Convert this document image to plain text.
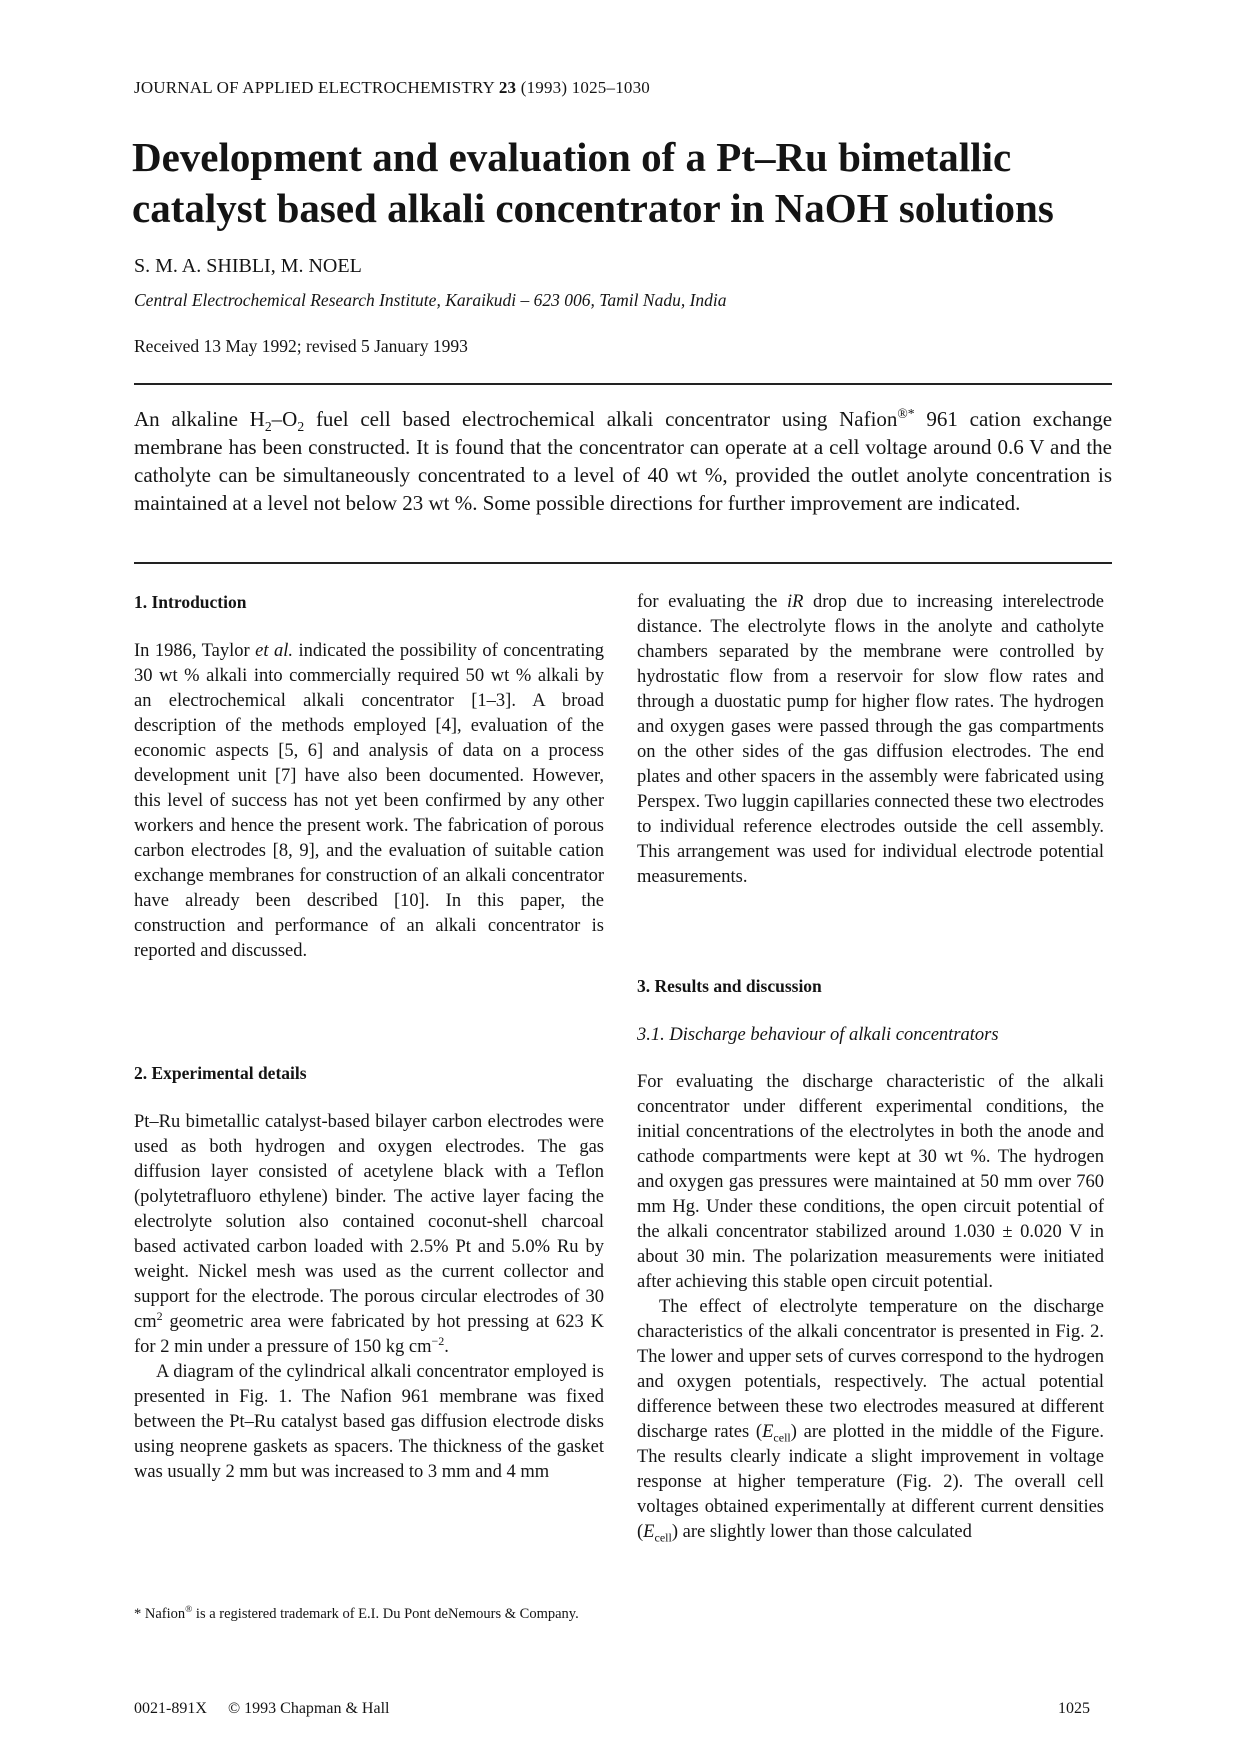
JOURNAL OF APPLIED ELECTROCHEMISTRY 23 (1993) 1025–1030
Development and evaluation of a Pt–Ru bimetallic
catalyst based alkali concentrator in NaOH solutions
S. M. A. SHIBLI, M. NOEL
Central Electrochemical Research Institute, Karaikudi – 623 006, Tamil Nadu, India
Received 13 May 1992; revised 5 January 1993
An alkaline $H_2-O_2$ fuel cell based electrochemical alkali concentrator using Nafion®* 961 cation exchange membrane has been constructed. It is found that the concentrator can operate at a cell voltage around 0.6 V and the catholyte can be simultaneously concentrated to a level of 40 wt %, provided the outlet anolyte concentration is maintained at a level not below 23 wt %. Some possible directions for further improvement are indicated.

1. Introduction

In 1986, Taylor et al. indicated the possibility of concentrating 30 wt % alkali into commercially required 50 wt % alkali by an electrochemical alkali concentrator [1–3]. A broad description of the methods employed [4], evaluation of the economic aspects [5, 6] and analysis of data on a process development unit [7] have also been documented. However, this level of success has not yet been confirmed by any other workers and hence the present work. The fabrication of porous carbon electrodes [8, 9], and the evaluation of suitable cation exchange membranes for construction of an alkali concentrator have already been described [10]. In this paper, the construction and performance of an alkali concentrator is reported and discussed.

2. Experimental details

Pt–Ru bimetallic catalyst-based bilayer carbon electrodes were used as both hydrogen and oxygen electrodes. The gas diffusion layer consisted of acetylene black with a Teflon (polytetrafluoro ethylene) binder. The active layer facing the electrolyte solution also contained coconut-shell charcoal based activated carbon loaded with 2.5% Pt and 5.0% Ru by weight. Nickel mesh was used as the current collector and support for the electrode. The porous circular electrodes of 30 $cm^2$ geometric area were fabricated by hot pressing at 623 K for 2 min under a pressure of 150 kg $cm^{-2}$.

A diagram of the cylindrical alkali concentrator employed is presented in Fig. 1. The Nafion 961 membrane was fixed between the Pt–Ru catalyst based gas diffusion electrode disks using neoprene gaskets as spacers. The thickness of the gasket was usually 2 mm but was increased to 3 mm and 4 mm

* Nafion® is a registered trademark of E.I. Du Pont deNemours & Company.

for evaluating the iR drop due to increasing interelectrode distance. The electrolyte flows in the anolyte and catholyte chambers separated by the membrane were controlled by hydrostatic flow from a reservoir for slow flow rates and through a duostatic pump for higher flow rates. The hydrogen and oxygen gases were passed through the gas compartments on the other sides of the gas diffusion electrodes. The end plates and other spacers in the assembly were fabricated using Perspex. Two luggin capillaries connected these two electrodes to individual reference electrodes outside the cell assembly. This arrangement was used for individual electrode potential measurements.

3. Results and discussion

3.1. Discharge behaviour of alkali concentrators

For evaluating the discharge characteristic of the alkali concentrator under different experimental conditions, the initial concentrations of the electrolytes in both the anode and cathode compartments were kept at 30 wt %. The hydrogen and oxygen gas pressures were maintained at 50 mm over 760 mm Hg. Under these conditions, the open circuit potential of the alkali concentrator stabilized around 1.030 ± 0.020 V in about 30 min. The polarization measurements were initiated after achieving this stable open circuit potential.

The effect of electrolyte temperature on the discharge characteristics of the alkali concentrator is presented in Fig. 2. The lower and upper sets of curves correspond to the hydrogen and oxygen potentials, respectively. The actual potential difference between these two electrodes measured at different discharge rates $(E_{cell})$ are plotted in the middle of the Figure. The results clearly indicate a slight improvement in voltage response at higher temperature (Fig. 2). The overall cell voltages obtained experimentally at different current densities $(E_{cell})$ are slightly lower than those calculated

0021-891X © 1993 Chapman & Hall	1025
